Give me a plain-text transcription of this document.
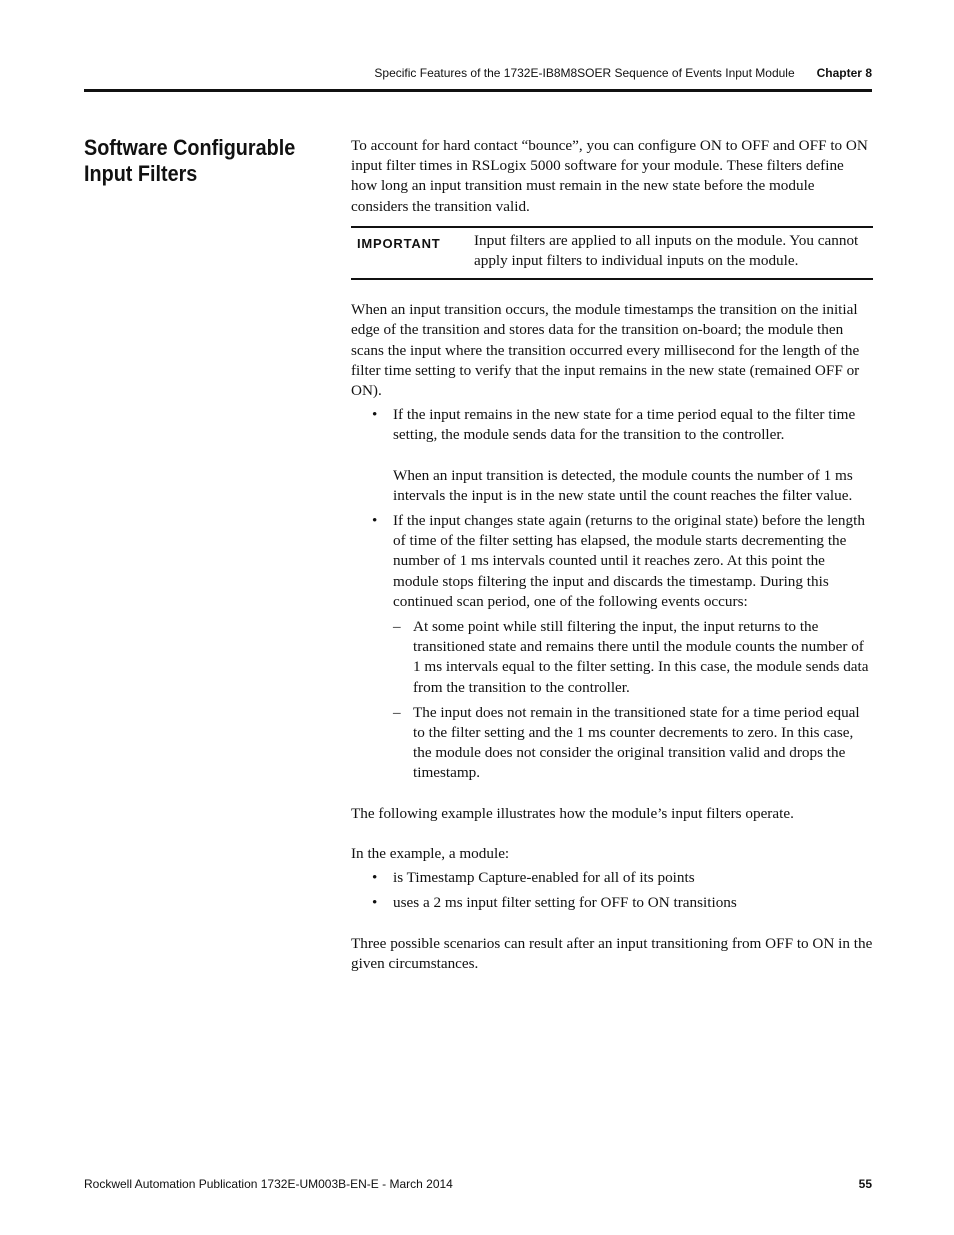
Specific Features of the 1732E-IB8M8SOER Sequence of Events Input Module Chapter 8
Software Configurable Input Filters

To account for hard contact “bounce”, you can configure ON to OFF and OFF to ON input filter times in RSLogix 5000 software for your module. These filters define how long an input transition must remain in the new state before the module considers the transition valid.

IMPORTANT Input filters are applied to all inputs on the module. You cannot apply input filters to individual inputs on the module.

When an input transition occurs, the module timestamps the transition on the initial edge of the transition and stores data for the transition on-board; the module then scans the input where the transition occurred every millisecond for the length of the filter time setting to verify that the input remains in the new state (remained OFF or ON).

• If the input remains in the new state for a time period equal to the filter time setting, the module sends data for the transition to the controller.
When an input transition is detected, the module counts the number of 1 ms intervals the input is in the new state until the count reaches the filter value.
• If the input changes state again (returns to the original state) before the length of time of the filter setting has elapsed, the module starts decrementing the number of 1 ms intervals counted until it reaches zero. At this point the module stops filtering the input and discards the timestamp. During this continued scan period, one of the following events occurs:
– At some point while still filtering the input, the input returns to the transitioned state and remains there until the module counts the number of 1 ms intervals equal to the filter setting. In this case, the module sends data from the transition to the controller.
– The input does not remain in the transitioned state for a time period equal to the filter setting and the 1 ms counter decrements to zero. In this case, the module does not consider the original transition valid and drops the timestamp.

The following example illustrates how the module’s input filters operate.

In the example, a module:

• is Timestamp Capture-enabled for all of its points
• uses a 2 ms input filter setting for OFF to ON transitions

Three possible scenarios can result after an input transitioning from OFF to ON in the given circumstances.

Rockwell Automation Publication 1732E-UM003B-EN-E - March 2014	55
